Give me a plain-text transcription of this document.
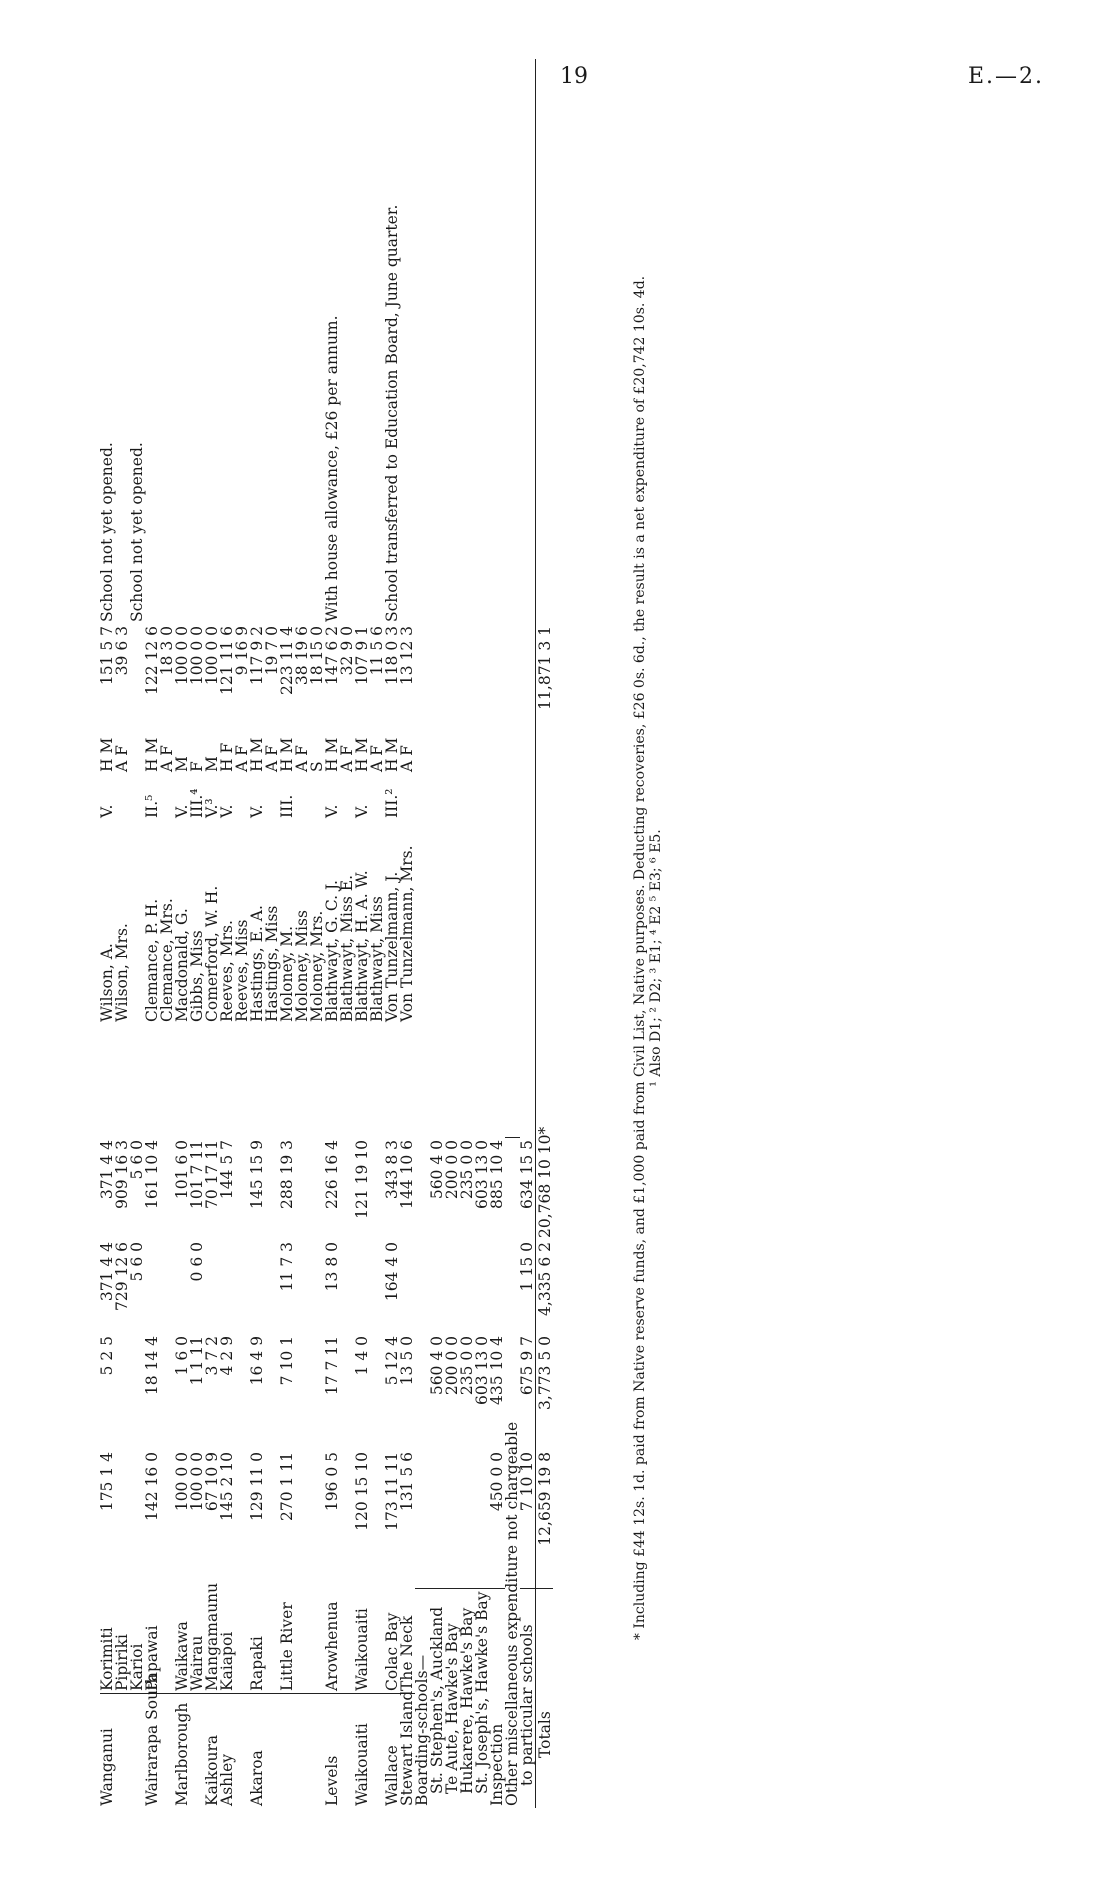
19	E.—2.
Wanganui	Korimiti	175 1 4	5 2 5	371 4 4	371 4 4		Wilson, A.	V.	H M	151 5 7	School not yet opened.
	Pipiriki			729 12 6	909 16 3		Wilson, Mrs.		A F	39 6 3	
	Karioi			5 6 0	5 6 0						School not yet opened.
Wairarapa South	Papawai	142 16 0	18 14 4		161 10 4		Clemance, P. H.	II.⁵	H M	122 12 6	
							Clemance, Mrs.		A F	18 3 0	
Marlborough	Waikawa	100 0 0	1 6 0		101 6 0		Macdonald, G.	V.	M	100 0 0	
	Wairau	100 0 0	1 1 11	0 6 0	101 7 11		Gibbs, Miss	III.⁴	F	100 0 0	
Kaikoura	Mangamaunu	67 10 9	3 7 2		70 17 11		Comerford, W. H.	V.³	M	100 0 0	
Ashley	Kaiapoi	145 2 10	4 2 9		144 5 7		Reeves, Mrs.	V.	H F	121 11 6	
							Reeves, Miss		A F	9 16 9	
Akaroa	Rapaki	129 11 0	16 4 9		145 15 9		Hastings, E. A.	V.	H M	117 9 2	
							Hastings, Miss		A F	19 7 0	
	Little River	270 1 11	7 10 1	11 7 3	288 19 3		Moloney, M.	III.	H M	223 11 4	
							Moloney, Miss		A F	38 19 6	
							Moloney, Mrs.		S	18 15 0	
Levels	Arowhenua	196 0 5	17 7 11	13 8 0	226 16 4		Blathwayt, G. C. J.	V.	H M	147 6 2	With house allowance, £26 per annum.
							Blathwayt, Miss E.		A F	32 9 0	
Waikouaiti	Waikouaiti	120 15 10	1 4 0		121 19 10		Blathwayt, H. A. W.	V.	H M	107 9 1	
							Blathwayt, Miss		A F	11 5 6	
Wallace	Colac Bay	173 11 11	5 12 4	164 4 0	343 8 3		Von Tunzelmann, J.	III.²	H M	118 0 3	School transferred to Education Board, June quarter.
Stewart Island	The Neck	131 5 6	13 5 0		144 10 6		Von Tunzelmann, Mrs.		A F	13 12 3	
Boarding-schools—											
St. Stephen's, Auckland			560 4 0		560 4 0						
Te Aute, Hawke's Bay			200 0 0		200 0 0						
Hukarere, Hawke's Bay			235 0 0		235 0 0						
St. Joseph's, Hawke's Bay			603 13 0		603 13 0						
Inspection		450 0 0	435 10 4		885 10 4						
Other miscellaneous expenditure not chargeable											
to particular schools		7 10 10	675 9 7	1 15 0	634 15 5						
Totals		12,659 19 8	3,773 5 0	4,335 6 2	20,768 10 10*					11,871 3 1		* Including £44 12s. 1d. paid from Native reserve funds, and £1,000 paid from Civil List, Native purposes. Deducting recoveries, £26 0s. 6d., the result is a net expenditure of £20,742 10s. 4d. ¹ Also D1; ² D2; ³ E1; ⁴ E2 ⁵ E3; ⁶ E5.
